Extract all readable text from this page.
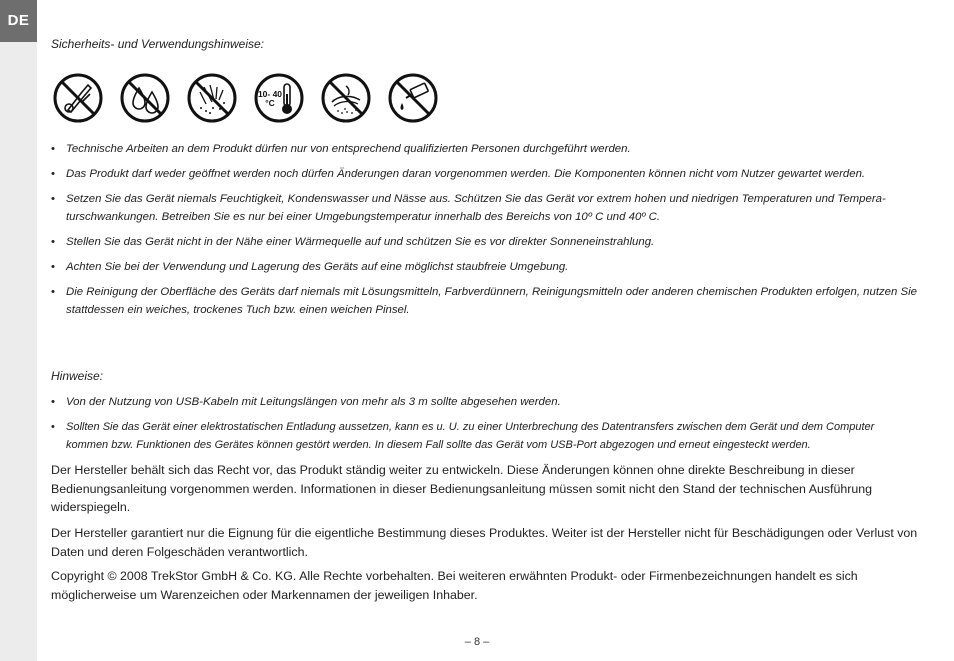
DE
Sicherheits- und Verwendungshinweise:
10- 40
°C
• Technische Arbeiten an dem Produkt dürfen nur von entsprechend qualifizierten Personen durchgeführt werden.
• Das Produkt darf weder geöffnet werden noch dürfen Änderungen daran vorgenommen werden. Die Komponenten können nicht vom Nutzer gewartet werden.
• Setzen Sie das Gerät niemals Feuchtigkeit, Kondenswasser und Nässe aus. Schützen Sie das Gerät vor extrem hohen und niedrigen Temperaturen und Tempera-turschwankungen. Betreiben Sie es nur bei einer Umgebungstemperatur innerhalb des Bereichs von 10º C und 40º C.
• Stellen Sie das Gerät nicht in der Nähe einer Wärmequelle auf und schützen Sie es vor direkter Sonneneinstrahlung.
• Achten Sie bei der Verwendung und Lagerung des Geräts auf eine möglichst staubfreie Umgebung.
• Die Reinigung der Oberfläche des Geräts darf niemals mit Lösungsmitteln, Farbverdünnern, Reinigungsmitteln oder anderen chemischen Produkten erfolgen, nutzen Sie stattdessen ein weiches, trockenes Tuch bzw. einen weichen Pinsel.
Hinweise:
• Von der Nutzung von USB-Kabeln mit Leitungslängen von mehr als 3 m sollte abgesehen werden.
• Sollten Sie das Gerät einer elektrostatischen Entladung aussetzen, kann es u. U. zu einer Unterbrechung des Datentransfers zwischen dem Gerät und dem Computer kommen bzw. Funktionen des Gerätes können gestört werden. In diesem Fall sollte das Gerät vom USB-Port abgezogen und erneut eingesteckt werden.
Der Hersteller behält sich das Recht vor, das Produkt ständig weiter zu entwickeln. Diese Änderungen können ohne direkte Beschreibung in dieser Bedienungsanleitung vorgenommen werden. Informationen in dieser Bedienungsanleitung müssen somit nicht den Stand der technischen Ausführung widerspiegeln.
Der Hersteller garantiert nur die Eignung für die eigentliche Bestimmung dieses Produktes. Weiter ist der Hersteller nicht für Beschädigungen oder Verlust von Daten und deren Folgeschäden verantwortlich.
Copyright © 2008 TrekStor GmbH & Co. KG. Alle Rechte vorbehalten. Bei weiteren erwähnten Produkt- oder Firmenbezeichnungen handelt es sich möglicherweise um Warenzeichen oder Markennamen der jeweiligen Inhaber.
– 8 –
